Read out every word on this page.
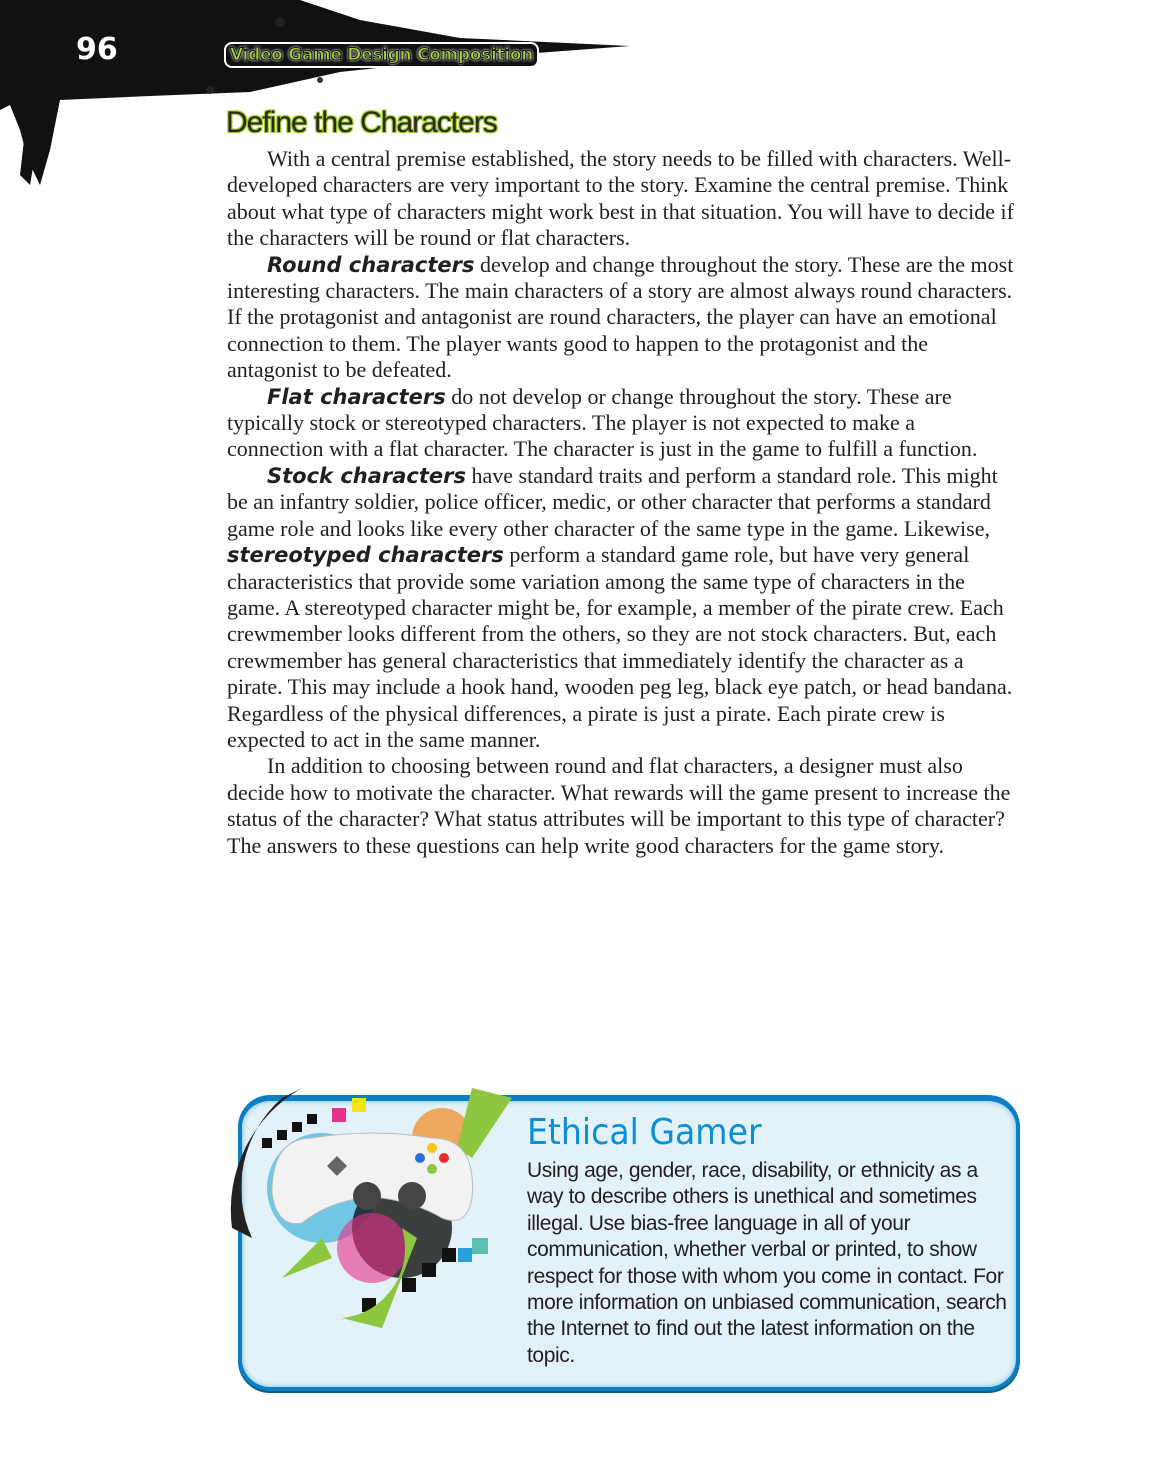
96	Video Game Design Composition
Define the Characters

With a central premise established, the story needs to be filled with characters. Well-developed characters are very important to the story. Examine the central premise. Think about what type of characters might work best in that situation. You will have to decide if the characters will be round or flat characters.

Round characters develop and change throughout the story. These are the most interesting characters. The main characters of a story are almost always round characters. If the protagonist and antagonist are round characters, the player can have an emotional connection to them. The player wants good to happen to the protagonist and the antagonist to be defeated.

Flat characters do not develop or change throughout the story. These are typically stock or stereotyped characters. The player is not expected to make a connection with a flat character. The character is just in the game to fulfill a function.

Stock characters have standard traits and perform a standard role. This might be an infantry soldier, police officer, medic, or other character that performs a standard game role and looks like every other character of the same type in the game. Likewise, stereotyped characters perform a standard game role, but have very general characteristics that provide some variation among the same type of characters in the game. A stereotyped character might be, for example, a member of the pirate crew. Each crewmember looks different from the others, so they are not stock characters. But, each crewmember has general characteristics that immediately identify the character as a pirate. This may include a hook hand, wooden peg leg, black eye patch, or head bandana. Regardless of the physical differences, a pirate is just a pirate. Each pirate crew is expected to act in the same manner.

In addition to choosing between round and flat characters, a designer must also decide how to motivate the character. What rewards will the game present to increase the status of the character? What status attributes will be important to this type of character? The answers to these questions can help write good characters for the game story.

Ethical Gamer
Using age, gender, race, disability, or ethnicity as a way to describe others is unethical and sometimes illegal. Use bias-free language in all of your communication, whether verbal or printed, to show respect for those with whom you come in contact. For more information on unbiased communication, search the Internet to find out the latest information on the topic.
